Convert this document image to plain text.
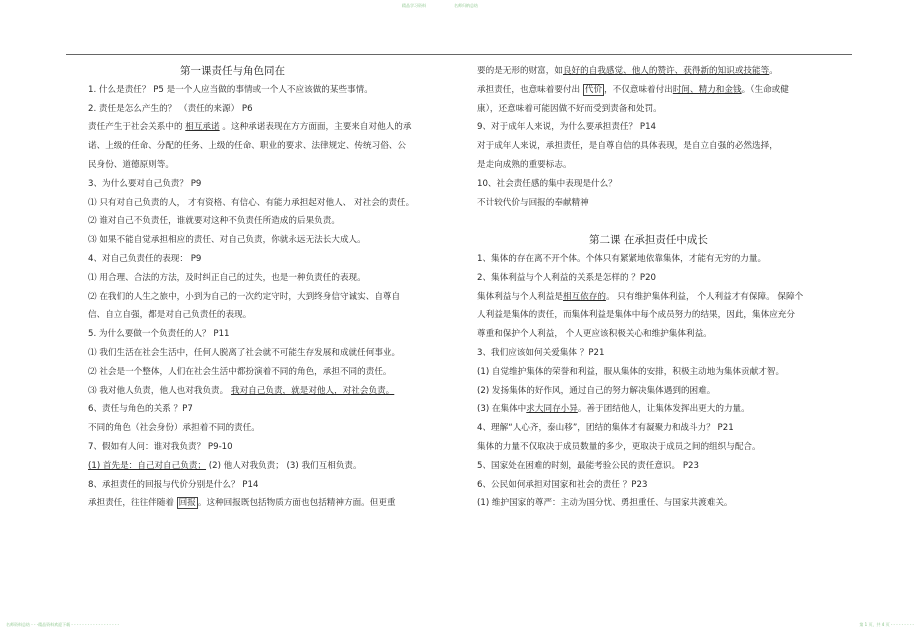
精品学习资料	名师归纳总结
第一课责任与角色同在
1. 什么是责任？ P5 是一个人应当做的事情或一个人不应该做的某些事情。
2. 责任是怎么产生的？ （责任的来源） P6
责任产生于社会关系中的 相互承诺 。这种承诺表现在方方面面，主要来自对他人的承
诺、上级的任命、分配的任务、上级的任命、职业的要求、法律规定、传统习俗、公
民身份、道德原则等。
3、为什么要对自己负责？ P9
⑴ 只有对自己负责的人， 才有资格、有信心、有能力承担起对他人、 对社会的责任。
⑵ 谁对自己不负责任，谁就要对这种不负责任所造成的后果负责。
⑶ 如果不能自觉承担相应的责任、对自己负责，你就永远无法长大成人。
4、对自己负责任的表现： P9
⑴ 用合理、合法的方法，及时纠正自己的过失，也是一种负责任的表现。
⑵ 在我们的人生之旅中，小到为自己的一次约定守时，大到终身信守诚实、自尊自
信、自立自强，都是对自己负责任的表现。
5. 为什么要做一个负责任的人？ P11
⑴ 我们生活在社会生活中，任何人脱离了社会就不可能生存发展和成就任何事业。
⑵ 社会是一个整体，人们在社会生活中都扮演着不同的角色，承担不同的责任。
⑶ 我对他人负责，他人也对我负责。 我对自己负责，就是对他人，对社会负责。
6、责任与角色的关系 ？P7
不同的角色（社会身份）承担着不同的责任。
7、假如有人问：谁对我负责？ P9-10
(1) 首先是：自己对自己负责； (2) 他人对我负责； (3) 我们互相负责。
8、承担责任的回报与代价分别是什么？ P14
承担责任，往往伴随着 回报 。这种回报既包括物质方面也包括精神方面。但更重
要的是无形的财富，如良好的自我感觉、他人的赞许、获得新的知识或技能等。
承担责任，也意味着要付出 代价 ，不仅意味着付出时间、精力和金钱。（生命或健
康），还意味着可能因做不好而受到责备和处罚。
9、对于成年人来说，为什么要承担责任？ P14
对于成年人来说，承担责任，是自尊自信的具体表现，是自立自强的必然选择，
是走向成熟的重要标志。
10、社会责任感的集中表现是什么？
不计较代价与回报的奉献精神
第二课 在承担责任中成长
1、集体的存在离不开个体。个体只有紧紧地依靠集体，才能有无穷的力量。
2、集体利益与个人利益的关系是怎样的 ？P20
集体利益与个人利益是相互依存的。 只有维护集体利益， 个人利益才有保障。 保障个
人利益是集体的责任，而集体利益是集体中每个成员努力的结果，因此，集体应充分
尊重和保护个人利益， 个人更应该积极关心和维护集体利益。
3、我们应该如何关爱集体 ？P21
(1) 自觉维护集体的荣誉和利益，服从集体的安排，积极主动地为集体贡献才智。
(2) 发扬集体的好作风，通过自己的努力解决集体遇到的困难。
(3) 在集体中求大同存小异。善于团结他人，让集体发挥出更大的力量。
4、理解“人心齐，泰山移”，团结的集体才有凝聚力和战斗力？ P21
集体的力量不仅取决于成员数量的多少，更取决于成员之间的组织与配合。
5、国家处在困难的时刻，最能考验公民的责任意识。 P23
6、公民如何承担对国家和社会的责任 ？P23
(1) 维护国家的尊严：主动为国分忧、勇担重任、与国家共渡难关。
名师资料总结 - - -精品资料欢迎下载 - - - - - - - - - - - - - - - - - -	第 1 页，共 4 页 - - - - - - - - -
